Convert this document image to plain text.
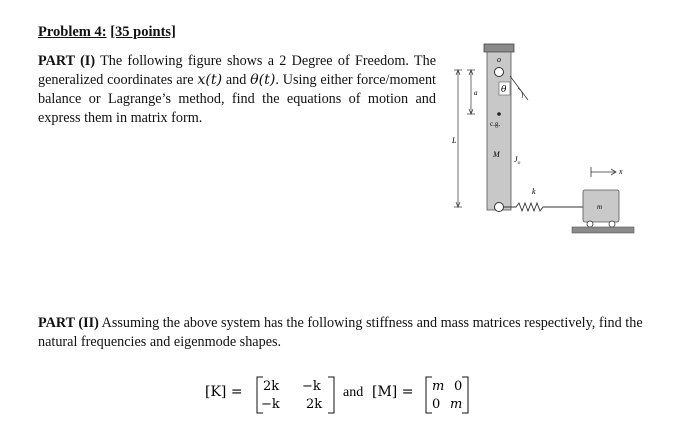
Problem 4: [35 points]
PART (I) The following figure shows a 2 Degree of Freedom. The generalized coordinates are x(t) and θ(t). Using either force/moment balance or Lagrange’s method, find the equations of motion and express them in matrix form.
o
θ
c.g.
M
$J_o$
a
L
k
m
x
PART (II) Assuming the above system has the following stiffness and mass matrices respectively, find the natural frequencies and eigenmode shapes.
[K] = 2k −k
−k 2k
and [M] = m 0
0 m
